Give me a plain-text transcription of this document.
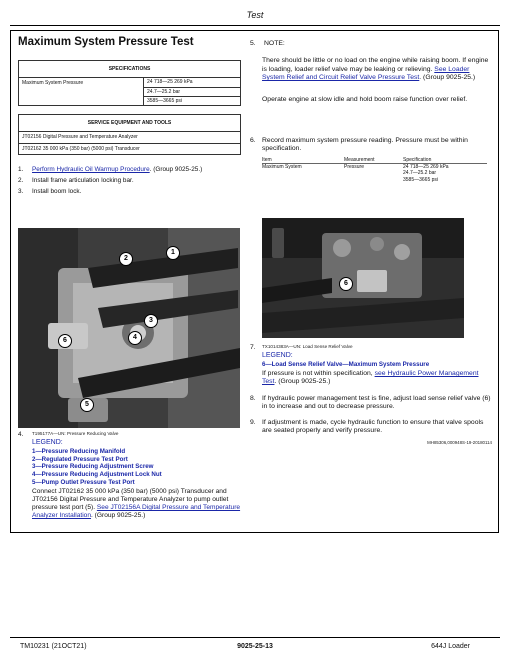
Test
Maximum System Pressure Test
SPECIFICATIONS
Maximum System Pressure	24 718—25 269 kPa
24.7—25.2 bar
3585—3665 psi
SERVICE EQUIPMENT AND TOOLS
JT02156 Digital Pressure and Temperature Analyzer
JT02162 35 000 kPa (350 bar) (5000 psi) Transducer
1.	Perform Hydraulic Oil Warmup Procedure. (Group 9025-25.)
2.	Install frame articulation locking bar.
3.	Install boom lock.
1
2
3
4
5
6
4.	T195177A—UN: Pressure Reducing Valve
LEGEND:
1—Pressure Reducing Manifold
2—Regulated Pressure Test Port
3—Pressure Reducing Adjustment Screw
4—Pressure Reducing Adjustment Lock Nut
5—Pump Outlet Pressure Test Port
Connect JT02162 35 000 kPa (350 bar) (5000 psi) Transducer and JT02156 Digital Pressure and Temperature Analyzer to pump outlet pressure test port (5). See JT02156A Digital Pressure and Temperature Analyzer Installation. (Group 9025-25.)
5.	NOTE:
There should be little or no load on the engine while raising boom. If engine is loading, loader relief valve may be leaking or relieving. See Loader System Relief and Circuit Relief Valve Pressure Test. (Group 9025-25.)
Operate engine at slow idle and hold boom raise function over relief.
6. Record maximum system pressure reading. Pressure must be within specification.
Item	Measurement	Specification
Maximum System	Pressure	24 718—25 269 kPa
24.7—25.2 bar
3585—3665 psi
6
7.	TX1014383A—UN: Load Sense Relief Valve
LEGEND:
6—Load Sense Relief Valve—Maximum System Pressure
If pressure is not within specification, see Hydraulic Power Management Test. (Group 9025-25.)
8. If hydraulic power management test is fine, adjust load sense relief valve (6) in to increase and out to decrease pressure.
9. If adjustment is made, cycle hydraulic function to ensure that valve spools are seated properly and verify pressure.
MH85306,000948S-19-20180114
TM10231 (21OCT21)	9025-25-13	644J Loader
